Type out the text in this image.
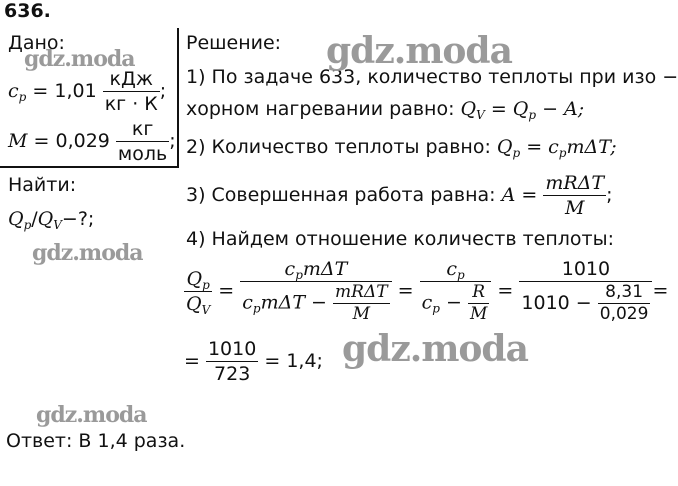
636.
Дано:
$c_p = 1,01 \frac{\text{кДж}}{кг \cdot К}$ ;
$M = 0,029 \frac{кг}{\text{моль}}$ ;
Найти:
$Q_p/Q_V-$?;
Решение:
1) По задаче 633, количество теплоты при изо −
хорном нагревании равно: $Q_V = Q_p - A$;
2) Количество теплоты равно: $Q_p = c_pm\Delta T$;
3) Совершенная работа равна: $A = \frac{\text{mRΔT}}{M}$ ;
4) Найдем отношение количеств теплоты:
$\frac{Q_p}{Q_V} = \frac{c_pm\Delta T}{c_pm\Delta T - \frac{\text{mRΔT}}{M}} = \frac{c_p}{c_p - \frac{R}{M}} = \frac{1010}{1010 - \frac{8,31}{0,029}}$ =
= $\frac{1010}{723} = 1,4$;
Ответ: В 1,4 раза.
gdz.moda
gdz.moda
gdz.moda
gdz.moda
gdz.moda
